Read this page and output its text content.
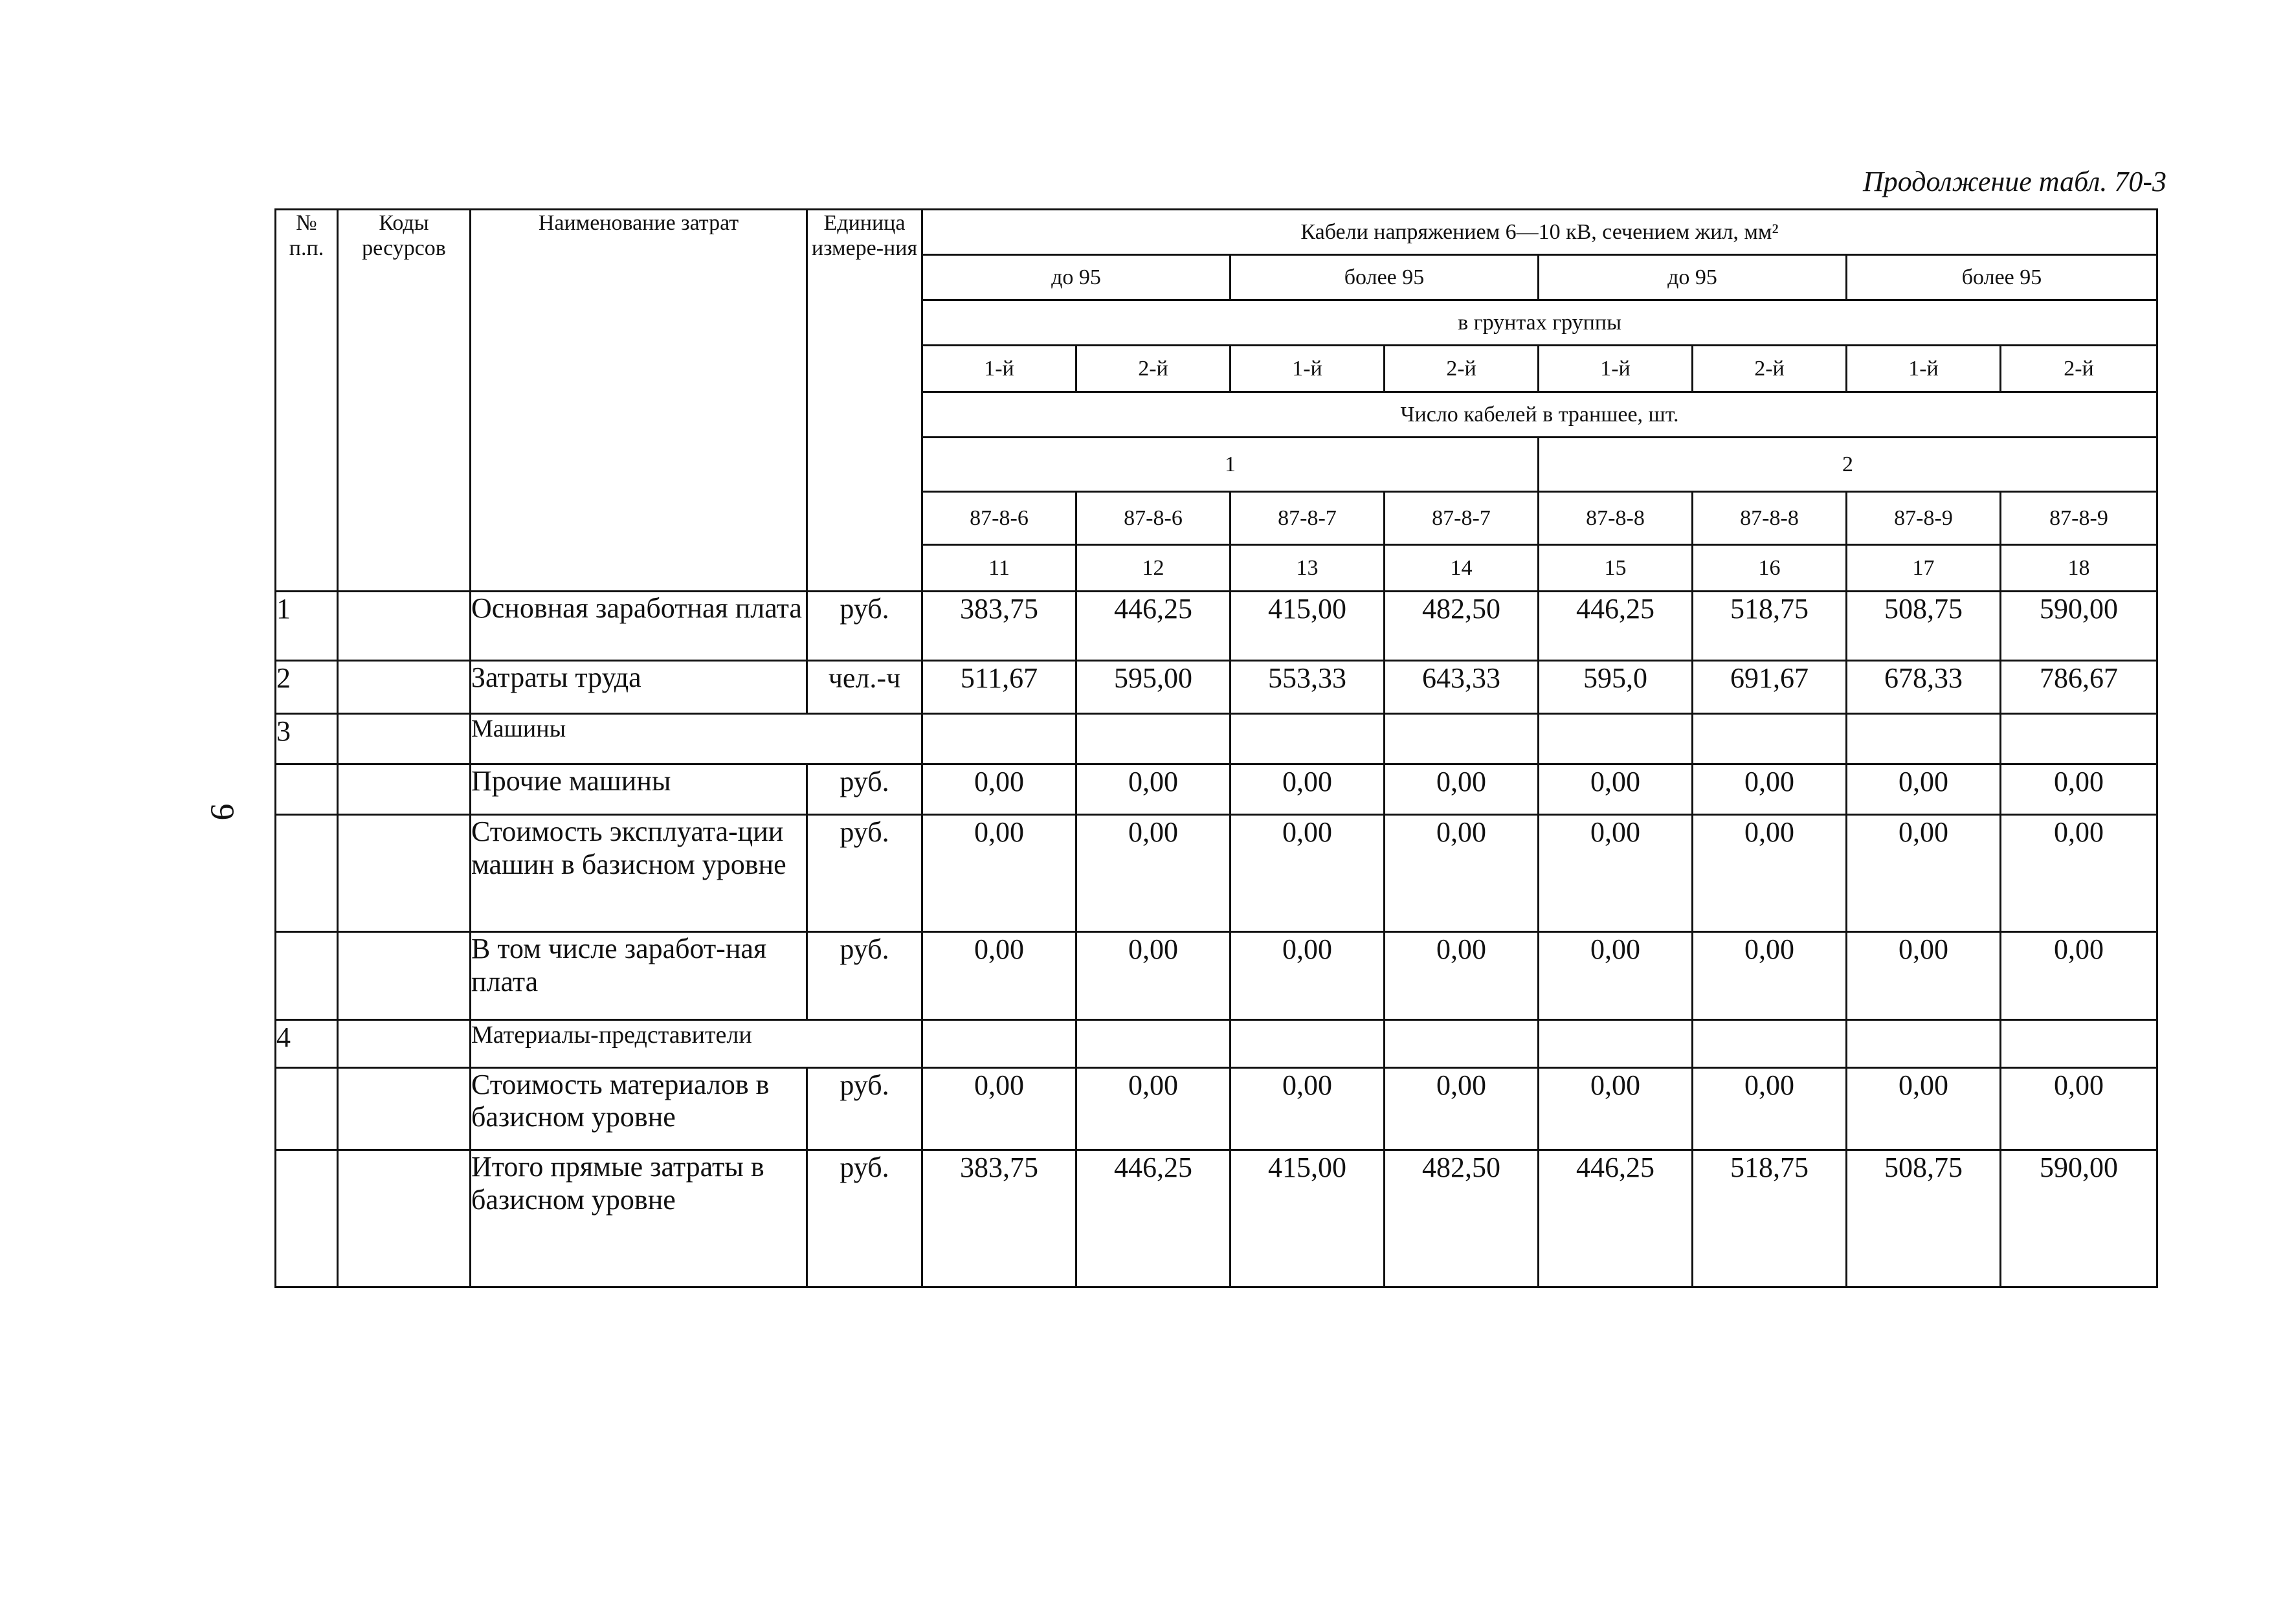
Продолжение табл. 70-3
9
№ п.п.	Коды ресурсов	Наименование затрат	Единица измере-ния	Кабели напряжением 6—10 кВ, сечением жил, мм²							
				до 95		более 95		до 95		более 95	
				в грунтах группы							
				1-й	2-й	1-й	2-й	1-й	2-й	1-й	2-й
				Число кабелей в траншее, шт.							
				1				2			
				87-8-6	87-8-6	87-8-7	87-8-7	87-8-8	87-8-8	87-8-9	87-8-9
				11	12	13	14	15	16	17	18
1		Основная заработная плата	руб.	383,75	446,25	415,00	482,50	446,25	518,75	508,75	590,00
2		Затраты труда	чел.-ч	511,67	595,00	553,33	643,33	595,0	691,67	678,33	786,67
3		Машины									
		Прочие машины	руб.	0,00	0,00	0,00	0,00	0,00	0,00	0,00	0,00
		Стоимость эксплуата-ции машин в базисном уровне	руб.	0,00	0,00	0,00	0,00	0,00	0,00	0,00	0,00
		В том числе заработ-ная плата	руб.	0,00	0,00	0,00	0,00	0,00	0,00	0,00	0,00
4		Материалы-представители									
		Стоимость материалов в базисном уровне	руб.	0,00	0,00	0,00	0,00	0,00	0,00	0,00	0,00
		Итого прямые затраты в базисном уровне	руб.	383,75	446,25	415,00	482,50	446,25	518,75	508,75	590,00
